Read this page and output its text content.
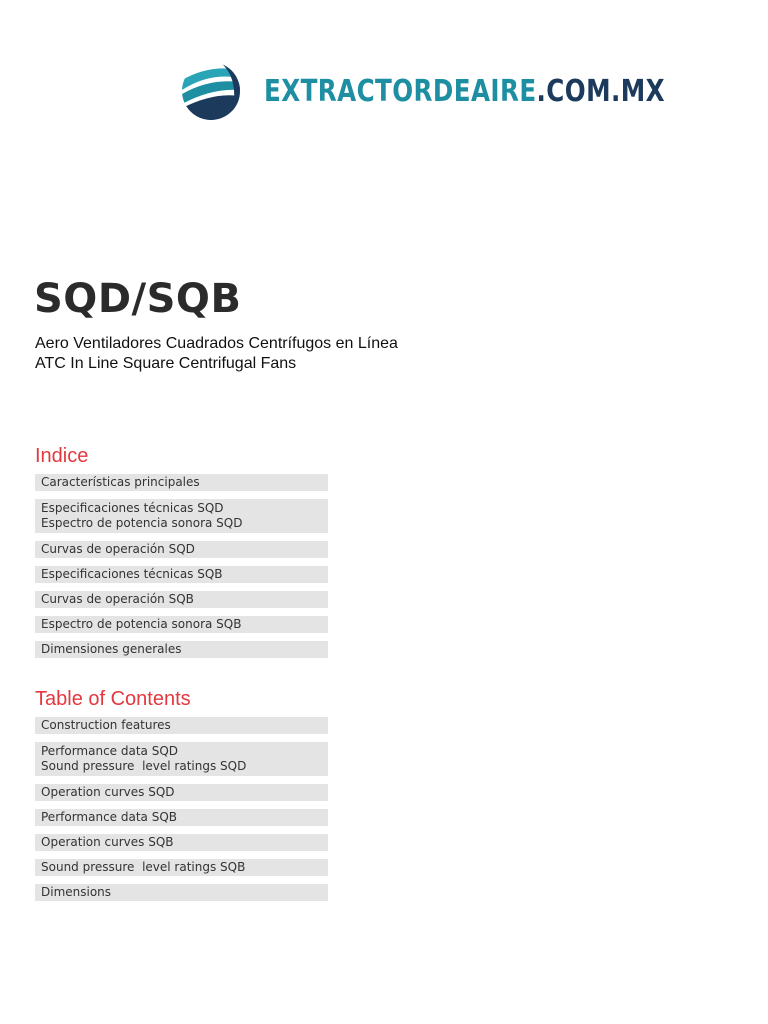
EXTRACTORDEAIRE.COM.MX
SQD/SQB
Aero Ventiladores Cuadrados Centrífugos en Línea
ATC In Line Square Centrifugal Fans
Indice
Características principales
Especificaciones técnicas SQD
Espectro de potencia sonora SQD
Curvas de operación SQD
Especificaciones técnicas SQB
Curvas de operación SQB
Espectro de potencia sonora SQB
Dimensiones generales
Table of Contents
Construction features
Performance data SQD
Sound pressure  level ratings SQD
Operation curves SQD
Performance data SQB
Operation curves SQB
Sound pressure  level ratings SQB
Dimensions
